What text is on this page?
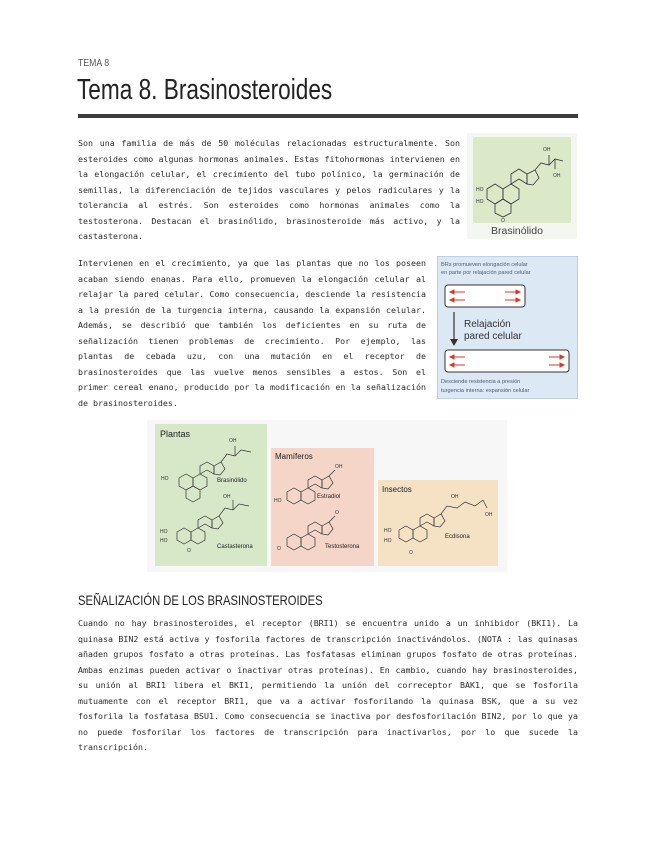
TEMA 8
Tema 8. Brasinosteroides

Son una familia de más de 50 moléculas relacionadas estructuralmente. Son esteroides como algunas hormonas animales. Estas fitohormonas intervienen en la elongación celular, el crecimiento del tubo polínico, la germinación de semillas, la diferenciación de tejidos vasculares y pelos radiculares y la tolerancia al estrés. Son esteroides como hormonas animales como la testosterona. Destacan el brasinólido, brasinosteroide más activo, y la castasterona.

OH
OH
HO
HO
O
Brasinólido

Intervienen en el crecimiento, ya que las plantas que no los poseen acaban siendo enanas. Para ello, promueven la elongación celular al relajar la pared celular. Como consecuencia, desciende la resistencia a la presión de la turgencia interna, causando la expansión celular. Además, se describió que también los deficientes en su ruta de señalización tienen problemas de crecimiento. Por ejemplo, las plantas de cebada uzu, con una mutación en el receptor de brasinosteroides que las vuelve menos sensibles a estos. Son el primer cereal enano, producido por la modificación en la señalización de brasinosteroides.

BRs promueven elongación celular
en parte por relajación pared celular
Relajación
pared celular
Desciende resistencia a presión
turgencia interna: expansión celular
Plantas
Mamíferos
Insectos
OH
HO	Brasinólido
OH
HO
HO
O
Castasterona
OH
HO
Estradiol
O
O	Testosterona
OH
OH
HO
HO
O
Ecdisona
SEÑALIZACIÓN DE LOS BRASINOSTEROIDES

Cuando no hay brasinosteroides, el receptor (BRI1) se encuentra unido a un inhibidor (BKI1). La quinasa BIN2 está activa y fosforila factores de transcripción inactivándolos. (NOTA : las quinasas añaden grupos fosfato a otras proteínas. Las fosfatasas eliminan grupos fosfato de otras proteínas. Ambas enzimas pueden activar o inactivar otras proteínas). En cambio, cuando hay brasinosteroides, su unión al BRI1 libera el BKI1, permitiendo la unión del correceptor BAK1, que se fosforila mutuamente con el receptor BRI1, que va a activar fosforilando la quinasa BSK, que a su vez fosforila la fosfatasa BSU1. Como consecuencia se inactiva por desfosforilación BIN2, por lo que ya no puede fosforilar los factores de transcripción para inactivarlos, por lo que sucede la transcripción.
